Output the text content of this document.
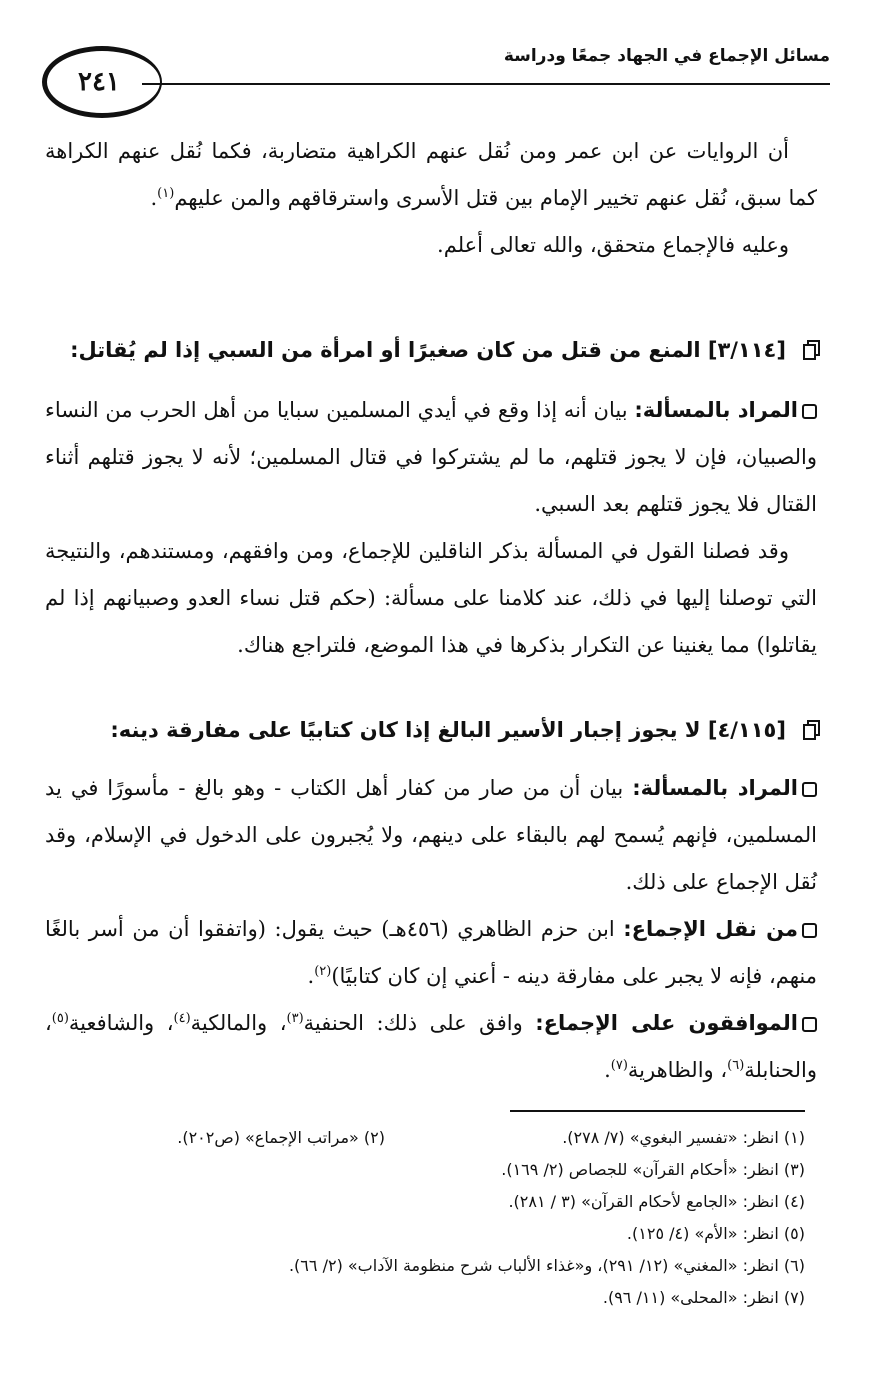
مسائل الإجماع في الجهاد جمعًا ودراسة
٢٤١

أن الروايات عن ابن عمر ومن نُقل عنهم الكراهية متضاربة، فكما نُقل عنهم الكراهة كما سبق، نُقل عنهم تخيير الإمام بين قتل الأسرى واسترقاقهم والمن عليهم$^{(١)}$.

وعليه فالإجماع متحقق، والله تعالى أعلم.

[٣/١١٤] المنع من قتل من كان صغيرًا أو امرأة من السبي إذا لم يُقاتل:

المراد بالمسألة: بيان أنه إذا وقع في أيدي المسلمين سبايا من أهل الحرب من النساء والصبيان، فإن لا يجوز قتلهم، ما لم يشتركوا في قتال المسلمين؛ لأنه لا يجوز قتلهم أثناء القتال فلا يجوز قتلهم بعد السبي.

وقد فصلنا القول في المسألة بذكر الناقلين للإجماع، ومن وافقهم، ومستندهم، والنتيجة التي توصلنا إليها في ذلك، عند كلامنا على مسألة: (حكم قتل نساء العدو وصبيانهم إذا لم يقاتلوا) مما يغنينا عن التكرار بذكرها في هذا الموضع، فلتراجع هناك.

[٤/١١٥] لا يجوز إجبار الأسير البالغ إذا كان كتابيًا على مفارقة دينه:

المراد بالمسألة: بيان أن من صار من كفار أهل الكتاب - وهو بالغ - مأسورًا في يد المسلمين، فإنهم يُسمح لهم بالبقاء على دينهم، ولا يُجبرون على الدخول في الإسلام، وقد نُقل الإجماع على ذلك.

من نقل الإجماع: ابن حزم الظاهري (٤٥٦هـ) حيث يقول: (واتفقوا أن من أسر بالغًا منهم، فإنه لا يجبر على مفارقة دينه - أعني إن كان كتابيًا)$^{(٢)}$.

الموافقون على الإجماع: وافق على ذلك: الحنفية$^{(٣)}$، والمالكية$^{(٤)}$، والشافعية$^{(٥)}$، والحنابلة$^{(٦)}$، والظاهرية$^{(٧)}$.

(١) انظر: «تفسير البغوي» (٧/ ٢٧٨).
(٢) «مراتب الإجماع» (ص٢٠٢).
(٣) انظر: «أحكام القرآن» للجصاص (٢/ ١٦٩).
(٤) انظر: «الجامع لأحكام القرآن» (٣ / ٢٨١).
(٥) انظر: «الأم» (٤/ ١٢٥).
(٦) انظر: «المغني» (١٢/ ٢٩١)، و«غذاء الألباب شرح منظومة الآداب» (٢/ ٦٦).
(٧) انظر: «المحلى» (١١/ ٩٦).
